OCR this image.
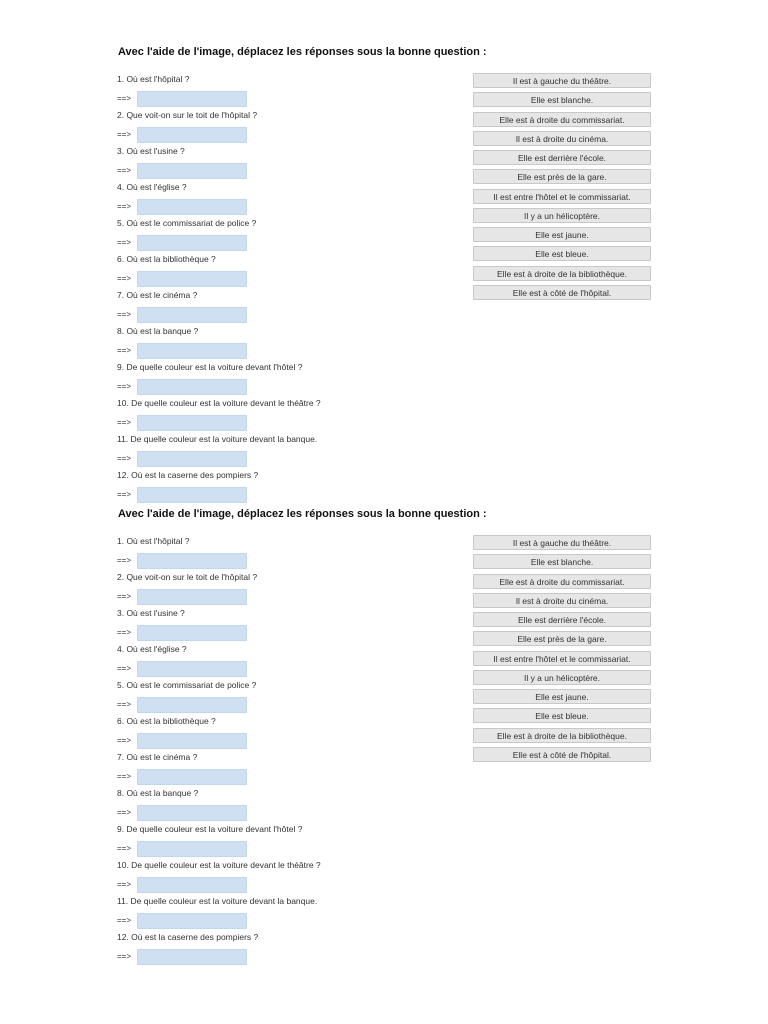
Avec l'aide de l'image, déplacez les réponses sous la bonne question :
1. Où est l'hôpital ?
==>
2. Que voit-on sur le toit de l'hôpital ?
==>
3. Où est l'usine ?
==>
4. Où est l'église ?
==>
5. Où est le commissariat de police ?
==>
6. Où est la bibliothèque ?
==>
7. Où est le cinéma ?
==>
8. Où est la banque ?
==>
9. De quelle couleur est la voiture devant l'hôtel ?
==>
10. De quelle couleur est la voiture devant le théâtre ?
==>
11. De quelle couleur est la voiture devant la banque.
==>
12. Où est la caserne des pompiers ?
==>
Il est à gauche du théâtre.
Elle est blanche.
Elle est à droite du commissariat.
Il est à droite du cinéma.
Elle est derrière l'école.
Elle est près de la gare.
Il est entre l'hôtel et le commissariat.
Il y a un hélicoptère.
Elle est jaune.
Elle est bleue.
Elle est à droite de la bibliothèque.
Elle est à côté de l'hôpital.
Avec l'aide de l'image, déplacez les réponses sous la bonne question :
1. Où est l'hôpital ?
==>
2. Que voit-on sur le toit de l'hôpital ?
==>
3. Où est l'usine ?
==>
4. Où est l'église ?
==>
5. Où est le commissariat de police ?
==>
6. Où est la bibliothèque ?
==>
7. Où est le cinéma ?
==>
8. Où est la banque ?
==>
9. De quelle couleur est la voiture devant l'hôtel ?
==>
10. De quelle couleur est la voiture devant le théâtre ?
==>
11. De quelle couleur est la voiture devant la banque.
==>
12. Où est la caserne des pompiers ?
==>
Il est à gauche du théâtre.
Elle est blanche.
Elle est à droite du commissariat.
Il est à droite du cinéma.
Elle est derrière l'école.
Elle est près de la gare.
Il est entre l'hôtel et le commissariat.
Il y a un hélicoptère.
Elle est jaune.
Elle est bleue.
Elle est à droite de la bibliothèque.
Elle est à côté de l'hôpital.
